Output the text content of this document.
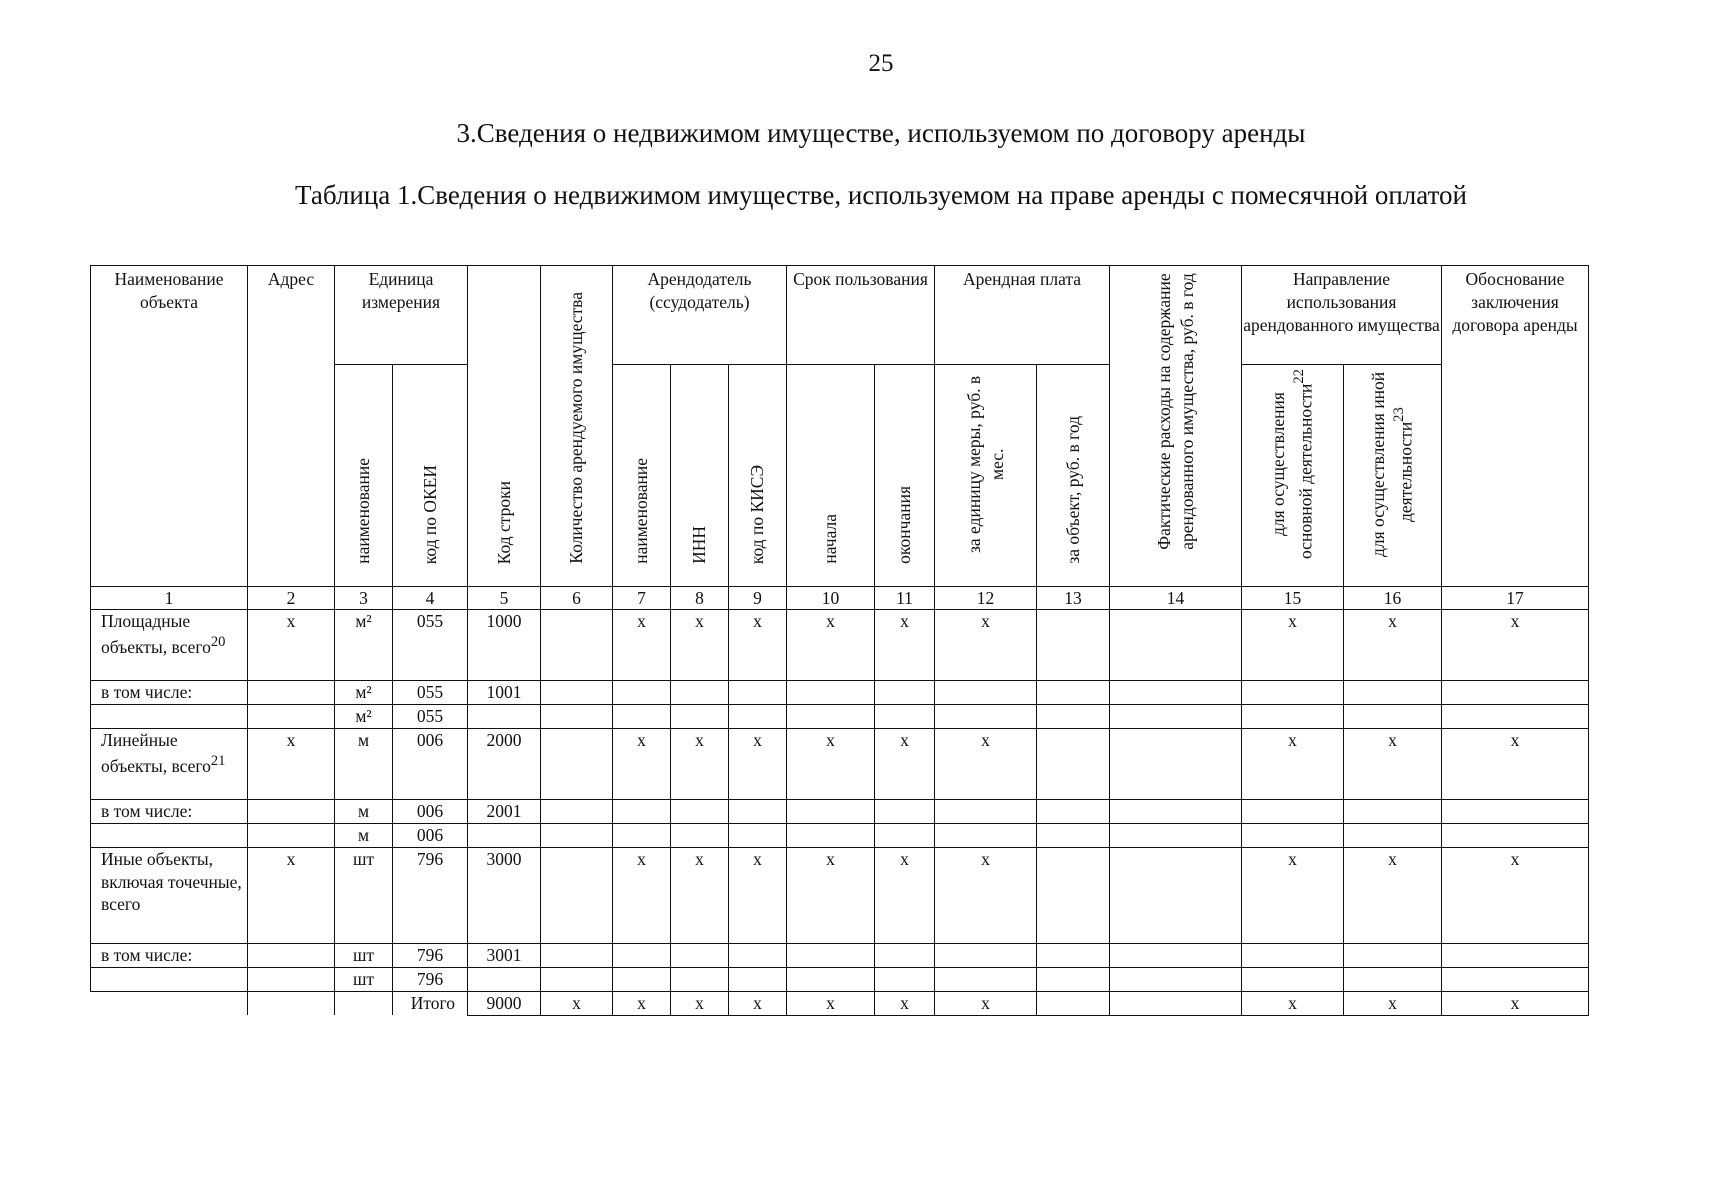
25
3.Сведения о недвижимом имуществе, используемом по договору аренды
Таблица 1.Сведения о недвижимом имуществе, используемом на праве аренды с помесячной оплатой
Наименование объекта	Адрес	Единица измерения		Код строки	Количество арендуемого имущества	Арендодатель (ссудодатель)			Срок пользования		Арендная плата		Фактические расходы на содержание арендованного имущества, руб. в год	Направление использования арендованного имущества		Обоснование заключения договора аренды
		наименование	код по ОКЕИ			наименование	ИНН	код по КИСЭ	начала	окончания	за единицу меры, руб. в мес.	за объект, руб. в год		для осуществления основной деятельности$^{22}$	для осуществления иной деятельности$^{23}$
1	2	3	4	5	6	7	8	9	10	11	12	13	14	15	16	17
Площадные объекты, всего$^{20}$	x	м²	055	1000		x	x	x	x	x	x			x	x	x
в том числе:		м²	055	1001												
		м²	055													
Линейные объекты, всего$^{21}$	x	м	006	2000		x	x	x	x	x	x			x	x	x
в том числе:		м	006	2001												
		м	006													
Иные объекты, включая точечные, всего	x	шт	796	3000		x	x	x	x	x	x			x	x	x
в том числе:		шт	796	3001												
		шт	796													
			Итого	9000	x	x	x	x	x	x	x			x	x	x
